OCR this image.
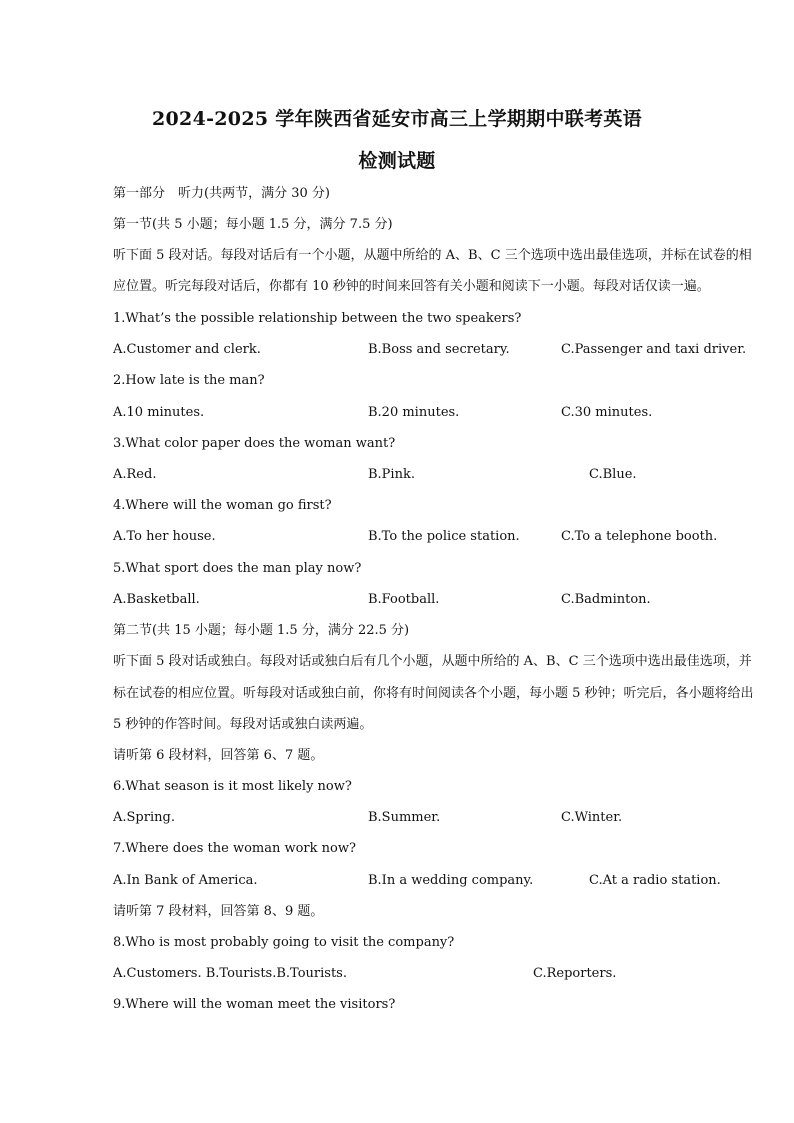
2024-2025 学年陕西省延安市高三上学期期中联考英语
检测试题
第一部分　听力(共两节，满分 30 分)
第一节(共 5 小题；每小题 1.5 分，满分 7.5 分)
听下面 5 段对话。每段对话后有一个小题，从题中所给的 A、B、C 三个选项中选出最佳选项，并标在试卷的相
应位置。听完每段对话后，你都有 10 秒钟的时间来回答有关小题和阅读下一小题。每段对话仅读一遍。
1.What’s the possible relationship between the two speakers?
A.Customer and clerk.	B.Boss and secretary.	C.Passenger and taxi driver.
2.How late is the man?
A.10 minutes.	B.20 minutes.	C.30 minutes.
3.What color paper does the woman want?
A.Red.	B.Pink.	C.Blue.
4.Where will the woman go first?
A.To her house.	B.To the police station.	C.To a telephone booth.
5.What sport does the man play now?
A.Basketball.	B.Football.	C.Badminton.
第二节(共 15 小题；每小题 1.5 分，满分 22.5 分)
听下面 5 段对话或独白。每段对话或独白后有几个小题，从题中所给的 A、B、C 三个选项中选出最佳选项，并
标在试卷的相应位置。听每段对话或独白前，你将有时间阅读各个小题，每小题 5 秒钟；听完后，各小题将给出
5 秒钟的作答时间。每段对话或独白读两遍。
请听第 6 段材料，回答第 6、7 题。
6.What season is it most likely now?
A.Spring.	B.Summer.	C.Winter.
7.Where does the woman work now?
A.In Bank of America.	B.In a wedding company.	C.At a radio station.
请听第 7 段材料，回答第 8、9 题。
8.Who is most probably going to visit the company?
A.Customers. B.Tourists.B.Tourists.	C.Reporters.
9.Where will the woman meet the visitors?
